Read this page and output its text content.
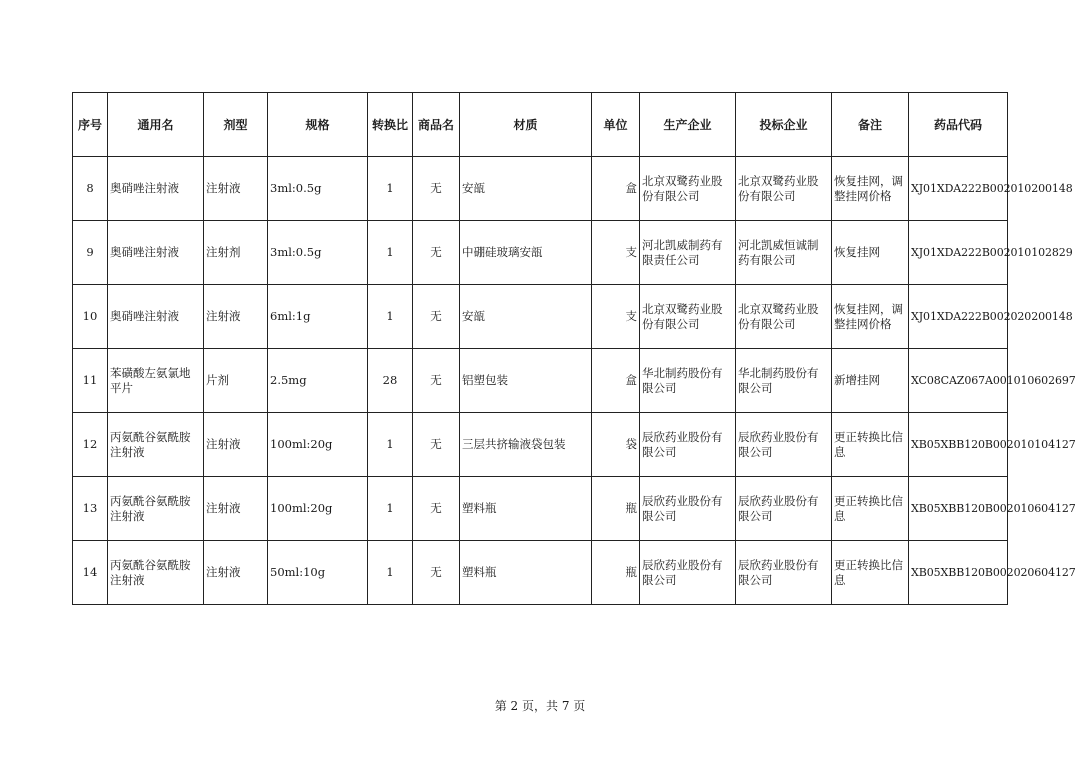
序号	通用名	剂型	规格	转换比	商品名	材质	单位	生产企业	投标企业	备注	药品代码
8	奥硝唑注射液	注射液	3ml:0.5g	1	无	安瓿	盒	北京双鹭药业股份有限公司	北京双鹭药业股份有限公司	恢复挂网，调整挂网价格	XJ01XDA222B002010200148
9	奥硝唑注射液	注射剂	3ml:0.5g	1	无	中硼硅玻璃安瓿	支	河北凯威制药有限责任公司	河北凯威恒诚制药有限公司	恢复挂网	XJ01XDA222B002010102829
10	奥硝唑注射液	注射液	6ml:1g	1	无	安瓿	支	北京双鹭药业股份有限公司	北京双鹭药业股份有限公司	恢复挂网，调整挂网价格	XJ01XDA222B002020200148
11	苯磺酸左氨氯地平片	片剂	2.5mg	28	无	铝塑包装	盒	华北制药股份有限公司	华北制药股份有限公司	新增挂网	XC08CAZ067A001010602697
12	丙氨酰谷氨酰胺注射液	注射液	100ml:20g	1	无	三层共挤输液袋包装	袋	辰欣药业股份有限公司	辰欣药业股份有限公司	更正转换比信息	XB05XBB120B002010104127
13	丙氨酰谷氨酰胺注射液	注射液	100ml:20g	1	无	塑料瓶	瓶	辰欣药业股份有限公司	辰欣药业股份有限公司	更正转换比信息	XB05XBB120B002010604127
14	丙氨酰谷氨酰胺注射液	注射液	50ml:10g	1	无	塑料瓶	瓶	辰欣药业股份有限公司	辰欣药业股份有限公司	更正转换比信息	XB05XBB120B002020604127
第 2 页，共 7 页
